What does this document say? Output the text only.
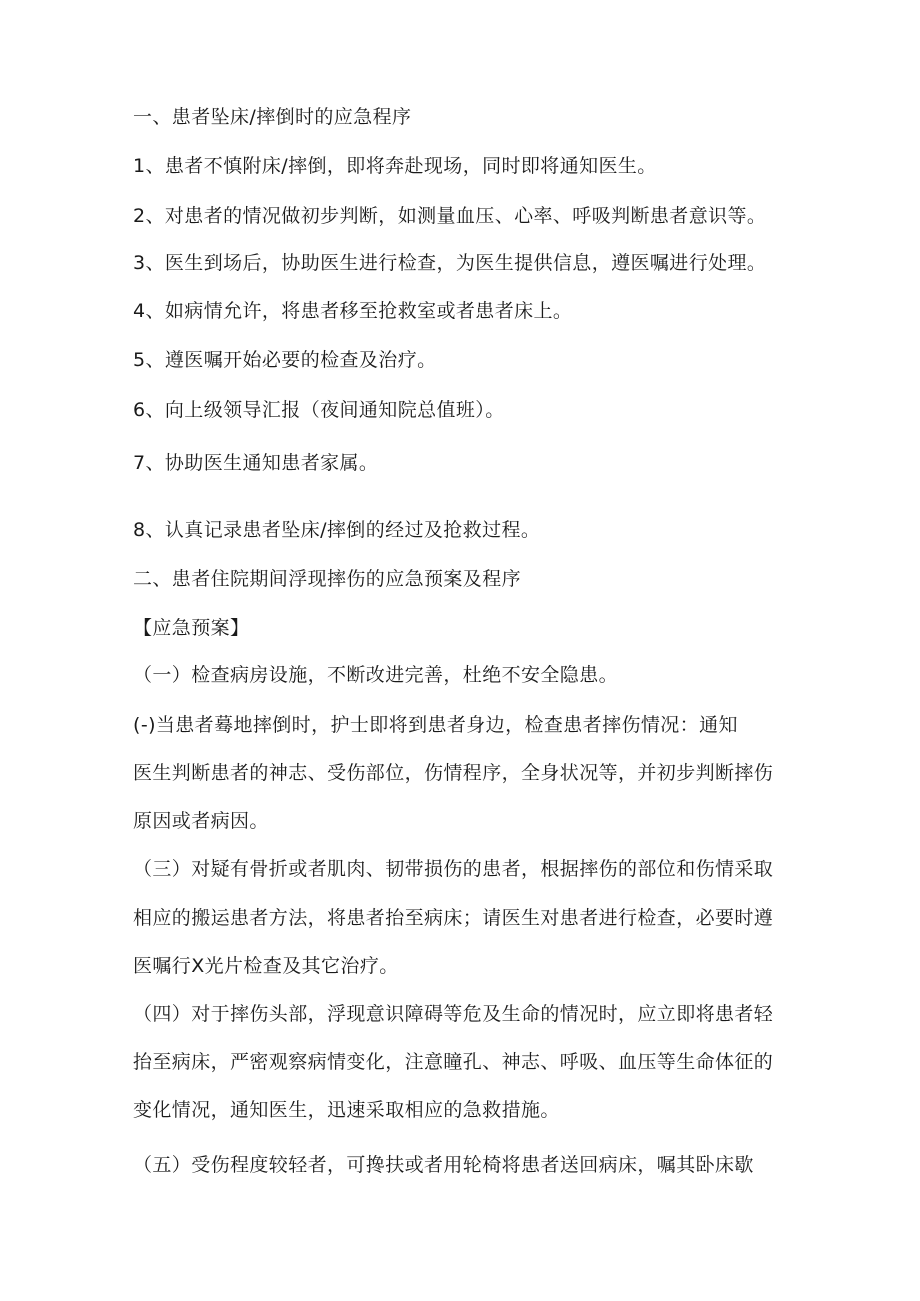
一、患者坠床/摔倒时的应急程序
1、患者不慎附床/摔倒，即将奔赴现场，同时即将通知医生。
2、对患者的情况做初步判断，如测量血压、心率、呼吸判断患者意识等。
3、医生到场后，协助医生进行检查，为医生提供信息，遵医嘱进行处理。
4、如病情允许，将患者移至抢救室或者患者床上。
5、遵医嘱开始必要的检查及治疗。
6、向上级领导汇报（夜间通知院总值班）。
7、协助医生通知患者家属。
8、认真记录患者坠床/摔倒的经过及抢救过程。
二、患者住院期间浮现摔伤的应急预案及程序
【应急预案】
（一）检查病房设施，不断改进完善，杜绝不安全隐患。
(-)当患者蓦地摔倒时，护士即将到患者身边，检查患者摔伤情况：通知
医生判断患者的神志、受伤部位，伤情程序，全身状况等，并初步判断摔伤
原因或者病因。
（三）对疑有骨折或者肌肉、韧带损伤的患者，根据摔伤的部位和伤情采取
相应的搬运患者方法，将患者抬至病床；请医生对患者进行检查，必要时遵
医嘱行X光片检查及其它治疗。
（四）对于摔伤头部，浮现意识障碍等危及生命的情况时，应立即将患者轻
抬至病床，严密观察病情变化，注意瞳孔、神志、呼吸、血压等生命体征的
变化情况，通知医生，迅速采取相应的急救措施。
（五）受伤程度较轻者，可搀扶或者用轮椅将患者送回病床，嘱其卧床歇
